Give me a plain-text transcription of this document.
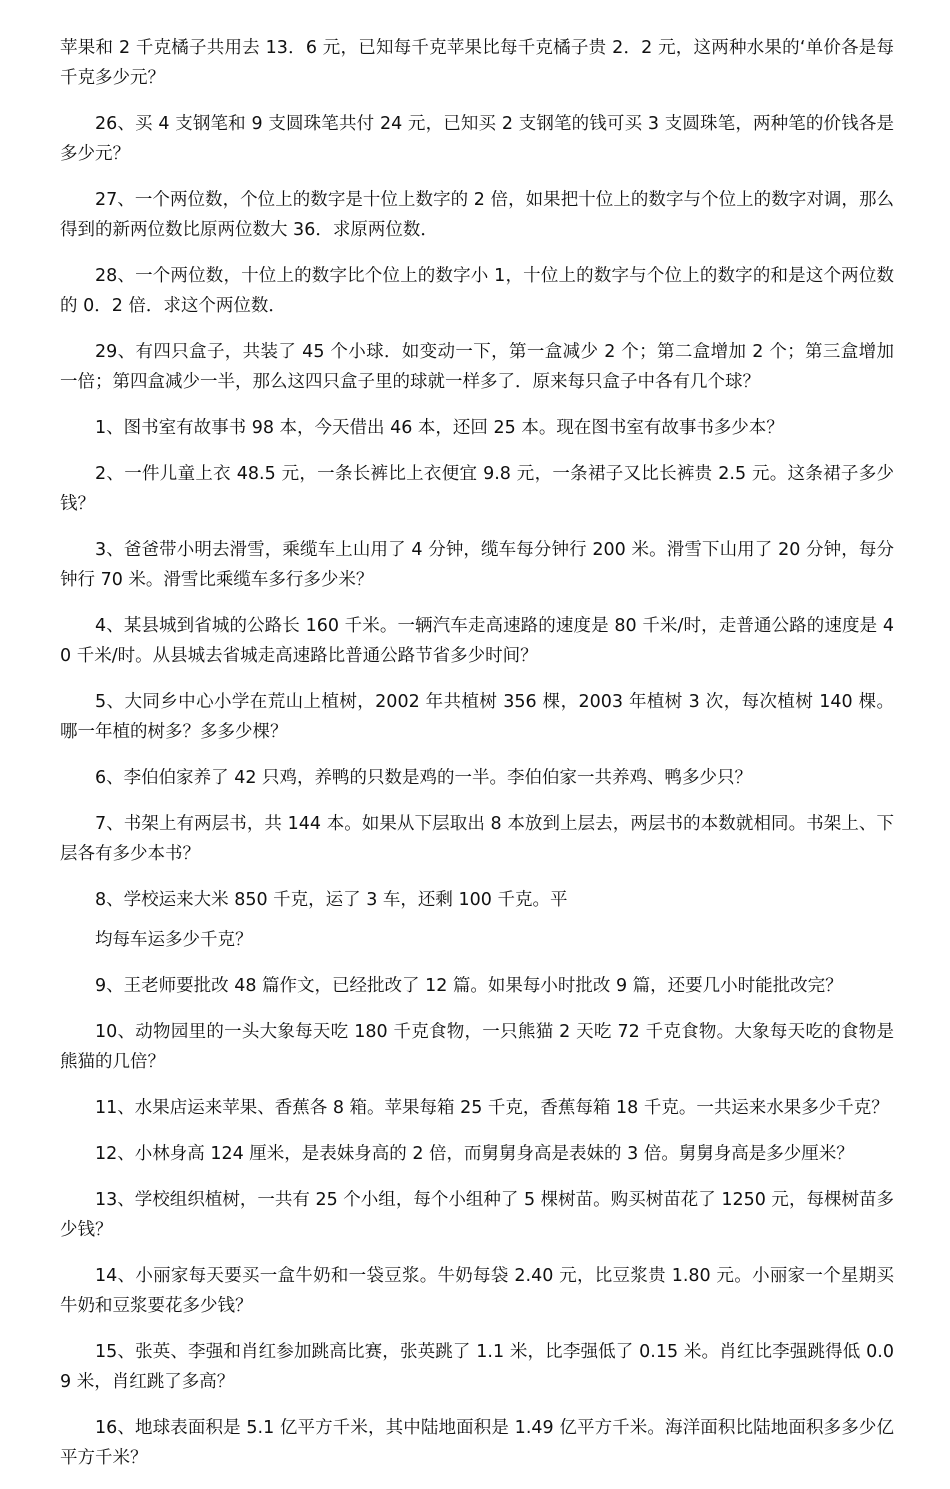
苹果和 2 千克橘子共用去 13．6 元，已知每千克苹果比每千克橘子贵 2．2 元，这两种水果的‘单价各是每千克多少元？

26、买 4 支钢笔和 9 支圆珠笔共付 24 元，已知买 2 支钢笔的钱可买 3 支圆珠笔，两种笔的价钱各是多少元？

27、一个两位数，个位上的数字是十位上数字的 2 倍，如果把十位上的数字与个位上的数字对调，那么得到的新两位数比原两位数大 36．求原两位数．

28、一个两位数，十位上的数字比个位上的数字小 1，十位上的数字与个位上的数字的和是这个两位数的 0．2 倍．求这个两位数．

29、有四只盒子，共装了 45 个小球．如变动一下，第一盒减少 2 个；第二盒增加 2 个；第三盒增加一倍；第四盒减少一半，那么这四只盒子里的球就一样多了．原来每只盒子中各有几个球？

1、图书室有故事书 98 本，今天借出 46 本，还回 25 本。现在图书室有故事书多少本？

2、一件儿童上衣 48.5 元，一条长裤比上衣便宜 9.8 元，一条裙子又比长裤贵 2.5 元。这条裙子多少钱？

3、爸爸带小明去滑雪，乘缆车上山用了 4 分钟，缆车每分钟行 200 米。滑雪下山用了 20 分钟，每分钟行 70 米。滑雪比乘缆车多行多少米？

4、某县城到省城的公路长 160 千米。一辆汽车走高速路的速度是 80 千米/时，走普通公路的速度是 40 千米/时。从县城去省城走高速路比普通公路节省多少时间？

5、大同乡中心小学在荒山上植树，2002 年共植树 356 棵，2003 年植树 3 次，每次植树 140 棵。哪一年植的树多？多多少棵？

6、李伯伯家养了 42 只鸡，养鸭的只数是鸡的一半。李伯伯家一共养鸡、鸭多少只？

7、书架上有两层书，共 144 本。如果从下层取出 8 本放到上层去，两层书的本数就相同。书架上、下层各有多少本书？

8、学校运来大米 850 千克，运了 3 车，还剩 100 千克。平

均每车运多少千克？

9、王老师要批改 48 篇作文，已经批改了 12 篇。如果每小时批改 9 篇，还要几小时能批改完？

10、动物园里的一头大象每天吃 180 千克食物，一只熊猫 2 天吃 72 千克食物。大象每天吃的食物是熊猫的几倍？

11、水果店运来苹果、香蕉各 8 箱。苹果每箱 25 千克，香蕉每箱 18 千克。一共运来水果多少千克？

12、小林身高 124 厘米，是表妹身高的 2 倍，而舅舅身高是表妹的 3 倍。舅舅身高是多少厘米？

13、学校组织植树，一共有 25 个小组，每个小组种了 5 棵树苗。购买树苗花了 1250 元，每棵树苗多少钱？

14、小丽家每天要买一盒牛奶和一袋豆浆。牛奶每袋 2.40 元，比豆浆贵 1.80 元。小丽家一个星期买牛奶和豆浆要花多少钱？

15、张英、李强和肖红参加跳高比赛，张英跳了 1.1 米，比李强低了 0.15 米。肖红比李强跳得低 0.09 米，肖红跳了多高？

16、地球表面积是 5.1 亿平方千米，其中陆地面积是 1.49 亿平方千米。海洋面积比陆地面积多多少亿平方千米？
